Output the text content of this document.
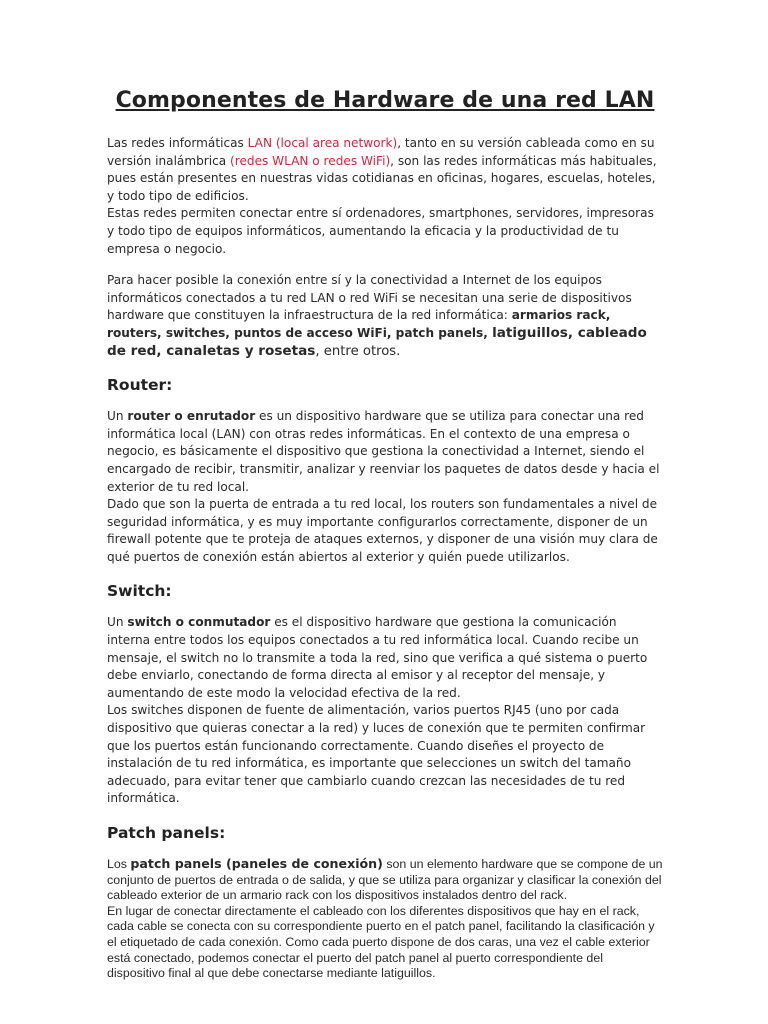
Componentes de Hardware de una red LAN

Las redes informáticas LAN (local area network), tanto en su versión cableada como en su versión inalámbrica (redes WLAN o redes WiFi), son las redes informáticas más habituales, pues están presentes en nuestras vidas cotidianas en oficinas, hogares, escuelas, hoteles, y todo tipo de edificios.

Estas redes permiten conectar entre sí ordenadores, smartphones, servidores, impresoras y todo tipo de equipos informáticos, aumentando la eficacia y la productividad de tu empresa o negocio.

Para hacer posible la conexión entre sí y la conectividad a Internet de los equipos informáticos conectados a tu red LAN o red WiFi se necesitan una serie de dispositivos hardware que constituyen la infraestructura de la red informática: armarios rack, routers, switches, puntos de acceso WiFi, patch panels, latiguillos, cableado de red, canaletas y rosetas, entre otros.

Router:

Un router o enrutador es un dispositivo hardware que se utiliza para conectar una red informática local (LAN) con otras redes informáticas. En el contexto de una empresa o negocio, es básicamente el dispositivo que gestiona la conectividad a Internet, siendo el encargado de recibir, transmitir, analizar y reenviar los paquetes de datos desde y hacia el exterior de tu red local.

Dado que son la puerta de entrada a tu red local, los routers son fundamentales a nivel de seguridad informática, y es muy importante configurarlos correctamente, disponer de un firewall potente que te proteja de ataques externos, y disponer de una visión muy clara de qué puertos de conexión están abiertos al exterior y quién puede utilizarlos.

Switch:

Un switch o conmutador es el dispositivo hardware que gestiona la comunicación interna entre todos los equipos conectados a tu red informática local. Cuando recibe un mensaje, el switch no lo transmite a toda la red, sino que verifica a qué sistema o puerto debe enviarlo, conectando de forma directa al emisor y al receptor del mensaje, y aumentando de este modo la velocidad efectiva de la red.

Los switches disponen de fuente de alimentación, varios puertos RJ45 (uno por cada dispositivo que quieras conectar a la red) y luces de conexión que te permiten confirmar que los puertos están funcionando correctamente. Cuando diseñes el proyecto de instalación de tu red informática, es importante que selecciones un switch del tamaño adecuado, para evitar tener que cambiarlo cuando crezcan las necesidades de tu red informática.

Patch panels:

Los patch panels (paneles de conexión) son un elemento hardware que se compone de un conjunto de puertos de entrada o de salida, y que se utiliza para organizar y clasificar la conexión del cableado exterior de un armario rack con los dispositivos instalados dentro del rack.

En lugar de conectar directamente el cableado con los diferentes dispositivos que hay en el rack, cada cable se conecta con su correspondiente puerto en el patch panel, facilitando la clasificación y el etiquetado de cada conexión. Como cada puerto dispone de dos caras, una vez el cable exterior está conectado, podemos conectar el puerto del patch panel al puerto correspondiente del dispositivo final al que debe conectarse mediante latiguillos.
